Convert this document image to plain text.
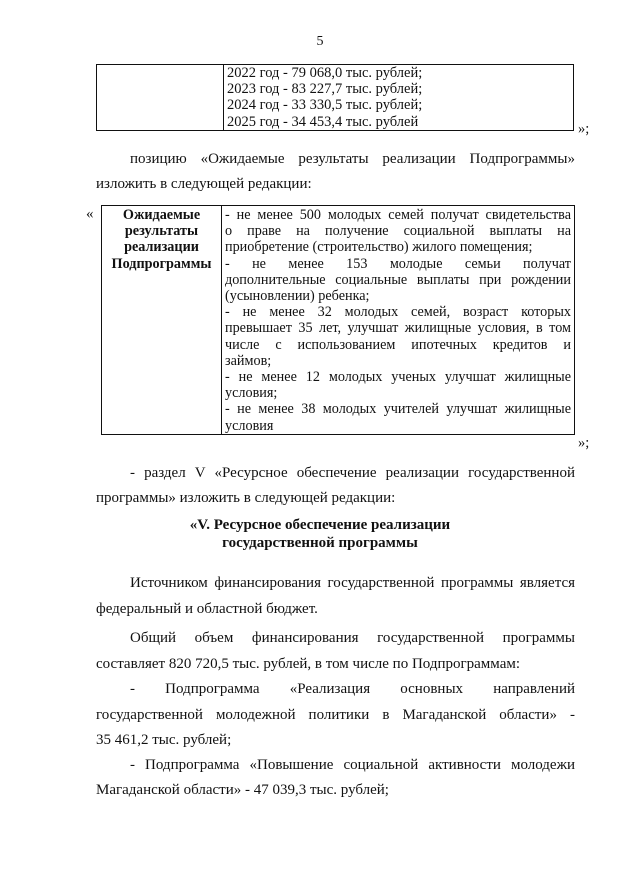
5

2022 год - 79 068,0 тыс. рублей;
2023 год - 83 227,7 тыс. рублей;
2024 год - 33 330,5 тыс. рублей;
2025 год - 34 453,4 тыс. рублей	»;
позицию «Ожидаемые результаты реализации Подпрограммы»
изложить в следующей редакции:
«	Ожидаемые
результаты
реализации
Подпрограммы

- не менее 500 молодых семей получат свидетельства
о праве на получение социальной выплаты на
приобретение (строительство) жилого помещения;
- не менее 153 молодые семьи получат
дополнительные социальные выплаты при рождении
(усыновлении) ребенка;
- не менее 32 молодых семей, возраст которых
превышает 35 лет, улучшат жилищные условия, в том
числе с использованием ипотечных кредитов и
займов;
- не менее 12 молодых ученых улучшат жилищные
условия;
- не менее 38 молодых учителей улучшат жилищные
условия
»;
- раздел V «Ресурсное обеспечение реализации государственной
программы» изложить в следующей редакции:
«V. Ресурсное обеспечение реализации
государственной программы
Источником финансирования государственной программы является
федеральный и областной бюджет.
Общий объем финансирования государственной программы
составляет 820 720,5 тыс. рублей, в том числе по Подпрограммам:
- Подпрограмма «Реализация основных направлений
государственной молодежной политики в Магаданской области» -
35 461,2 тыс. рублей;
- Подпрограмма «Повышение социальной активности молодежи
Магаданской области» - 47 039,3 тыс. рублей;
